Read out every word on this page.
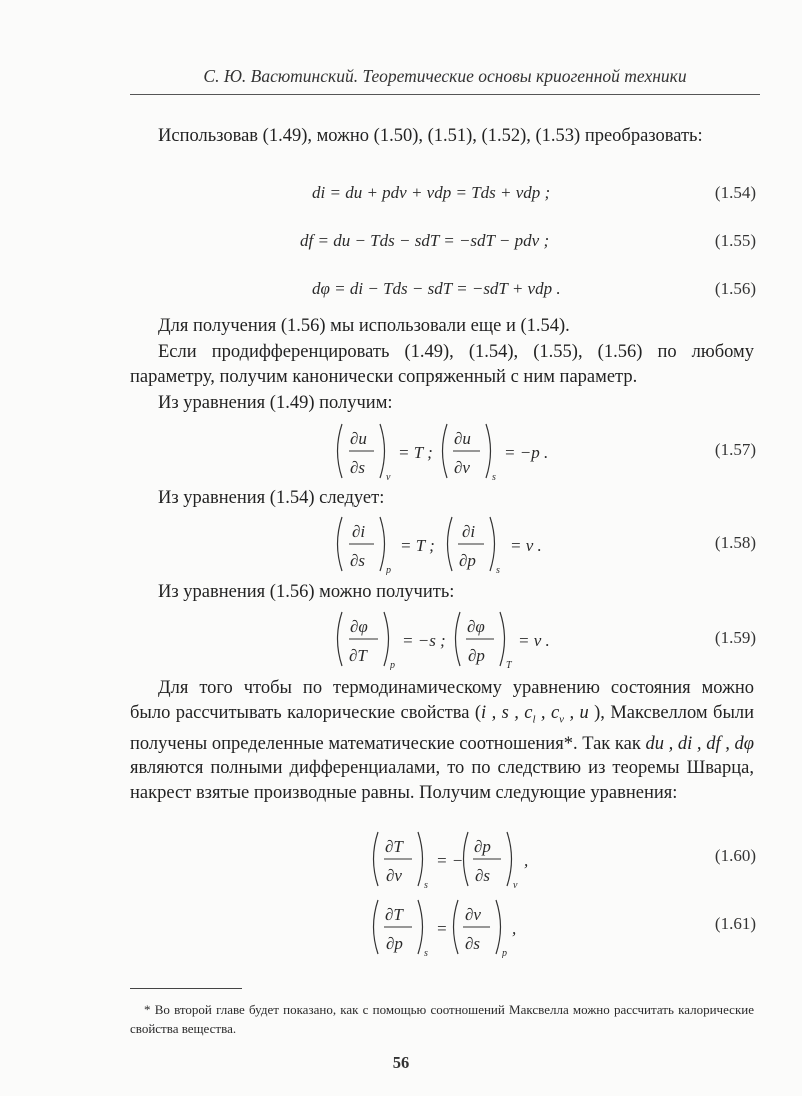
С. Ю. Васютинский. Теоретические основы криогенной техники
Использовав (1.49), можно (1.50), (1.51), (1.52), (1.53) преобразовать:
di = du + pdv + vdp = Tds + vdp ;	(1.54)
df = du − Tds − sdT = −sdT − pdv ;	(1.55)
dφ = di − Tds − sdT = −sdT + vdp .	(1.56)
Для получения (1.56) мы использовали еще и (1.54).
Если продифференцировать (1.49), (1.54), (1.55), (1.56) по любому параметру, получим канонически сопряженный с ним параметр.
Из уравнения (1.49) получим:
∂u
∂s
v
= T ;
∂u
∂v
s
= −p .	(1.57)
Из уравнения (1.54) следует:
∂i
∂s
p
= T ;
∂i
∂p
s
= v .	(1.58)
Из уравнения (1.56) можно получить:
∂φ
∂T
p
= −s ;
∂φ
∂p
T
= v .	(1.59)
Для того чтобы по термодинамическому уравнению состояния можно было рассчитывать калорические свойства (i , s , $c_l$ , $c_v$ , u ), Максвеллом были получены определенные математические соотношения*. Так как du , di , df , dφ являются полными дифференциалами, то по следствию из теоремы Шварца, накрест взятые производные равны. Получим следующие уравнения:
∂T
∂v
s
= −
∂p
∂s
v
,	(1.60)
∂T
∂p
s
=
∂v
∂s
p
,	(1.61)
* Во второй главе будет показано, как с помощью соотношений Максвелла можно рассчитать калорические свойства вещества.
56
